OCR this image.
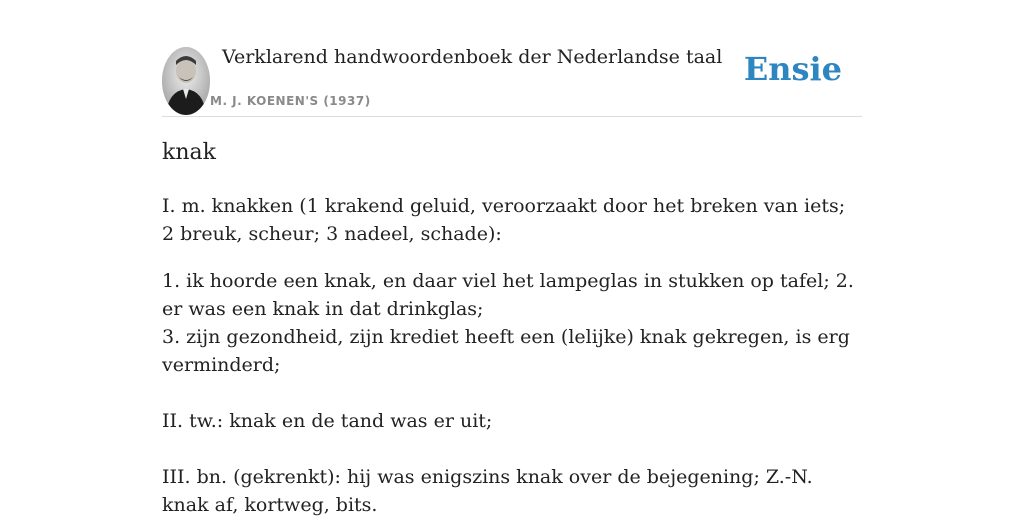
Verklarend handwoordenboek der Nederlandse taal
M. J. KOENEN'S (1937)
Ensie
knak

I. m. knakken (1 krakend geluid, veroorzaakt door het breken van iets; 2 breuk, scheur; 3 nadeel, schade):

1. ik hoorde een knak, en daar viel het lampeglas in stukken op tafel; 2. er was een knak in dat drinkglas;
3. zijn gezondheid, zijn krediet heeft een (lelijke) knak gekregen, is erg verminderd;

II. tw.: knak en de tand was er uit;

III. bn. (gekrenkt): hij was enigszins knak over de bejegening; Z.-N. knak af, kortweg, bits.
